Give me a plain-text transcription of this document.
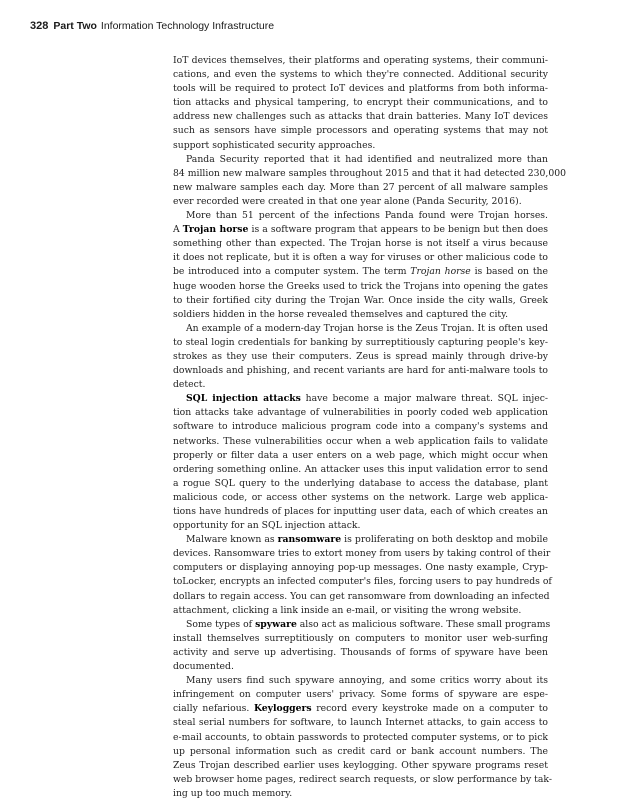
328 Part Two Information Technology Infrastructure

IoT devices themselves, their platforms and operating systems, their communi-
cations, and even the systems to which they're connected. Additional security
tools will be required to protect IoT devices and platforms from both informa-
tion attacks and physical tampering, to encrypt their communications, and to
address new challenges such as attacks that drain batteries. Many IoT devices
such as sensors have simple processors and operating systems that may not
support sophisticated security approaches.

Panda Security reported that it had identified and neutralized more than
84 million new malware samples throughout 2015 and that it had detected 230,000
new malware samples each day. More than 27 percent of all malware samples
ever recorded were created in that one year alone (Panda Security, 2016).

More than 51 percent of the infections Panda found were Trojan horses.
A Trojan horse is a software program that appears to be benign but then does
something other than expected. The Trojan horse is not itself a virus because
it does not replicate, but it is often a way for viruses or other malicious code to
be introduced into a computer system. The term Trojan horse is based on the
huge wooden horse the Greeks used to trick the Trojans into opening the gates
to their fortified city during the Trojan War. Once inside the city walls, Greek
soldiers hidden in the horse revealed themselves and captured the city.

An example of a modern-day Trojan horse is the Zeus Trojan. It is often used
to steal login credentials for banking by surreptitiously capturing people's key-
strokes as they use their computers. Zeus is spread mainly through drive-by
downloads and phishing, and recent variants are hard for anti-malware tools to
detect.

SQL injection attacks have become a major malware threat. SQL injec-
tion attacks take advantage of vulnerabilities in poorly coded web application
software to introduce malicious program code into a company's systems and
networks. These vulnerabilities occur when a web application fails to validate
properly or filter data a user enters on a web page, which might occur when
ordering something online. An attacker uses this input validation error to send
a rogue SQL query to the underlying database to access the database, plant
malicious code, or access other systems on the network. Large web applica-
tions have hundreds of places for inputting user data, each of which creates an
opportunity for an SQL injection attack.

Malware known as ransomware is proliferating on both desktop and mobile
devices. Ransomware tries to extort money from users by taking control of their
computers or displaying annoying pop-up messages. One nasty example, Cryp-
toLocker, encrypts an infected computer's files, forcing users to pay hundreds of
dollars to regain access. You can get ransomware from downloading an infected
attachment, clicking a link inside an e-mail, or visiting the wrong website.

Some types of spyware also act as malicious software. These small programs
install themselves surreptitiously on computers to monitor user web-surfing
activity and serve up advertising. Thousands of forms of spyware have been
documented.

Many users find such spyware annoying, and some critics worry about its
infringement on computer users' privacy. Some forms of spyware are espe-
cially nefarious. Keyloggers record every keystroke made on a computer to
steal serial numbers for software, to launch Internet attacks, to gain access to
e-mail accounts, to obtain passwords to protected computer systems, or to pick
up personal information such as credit card or bank account numbers. The
Zeus Trojan described earlier uses keylogging. Other spyware programs reset
web browser home pages, redirect search requests, or slow performance by tak-
ing up too much memory.
